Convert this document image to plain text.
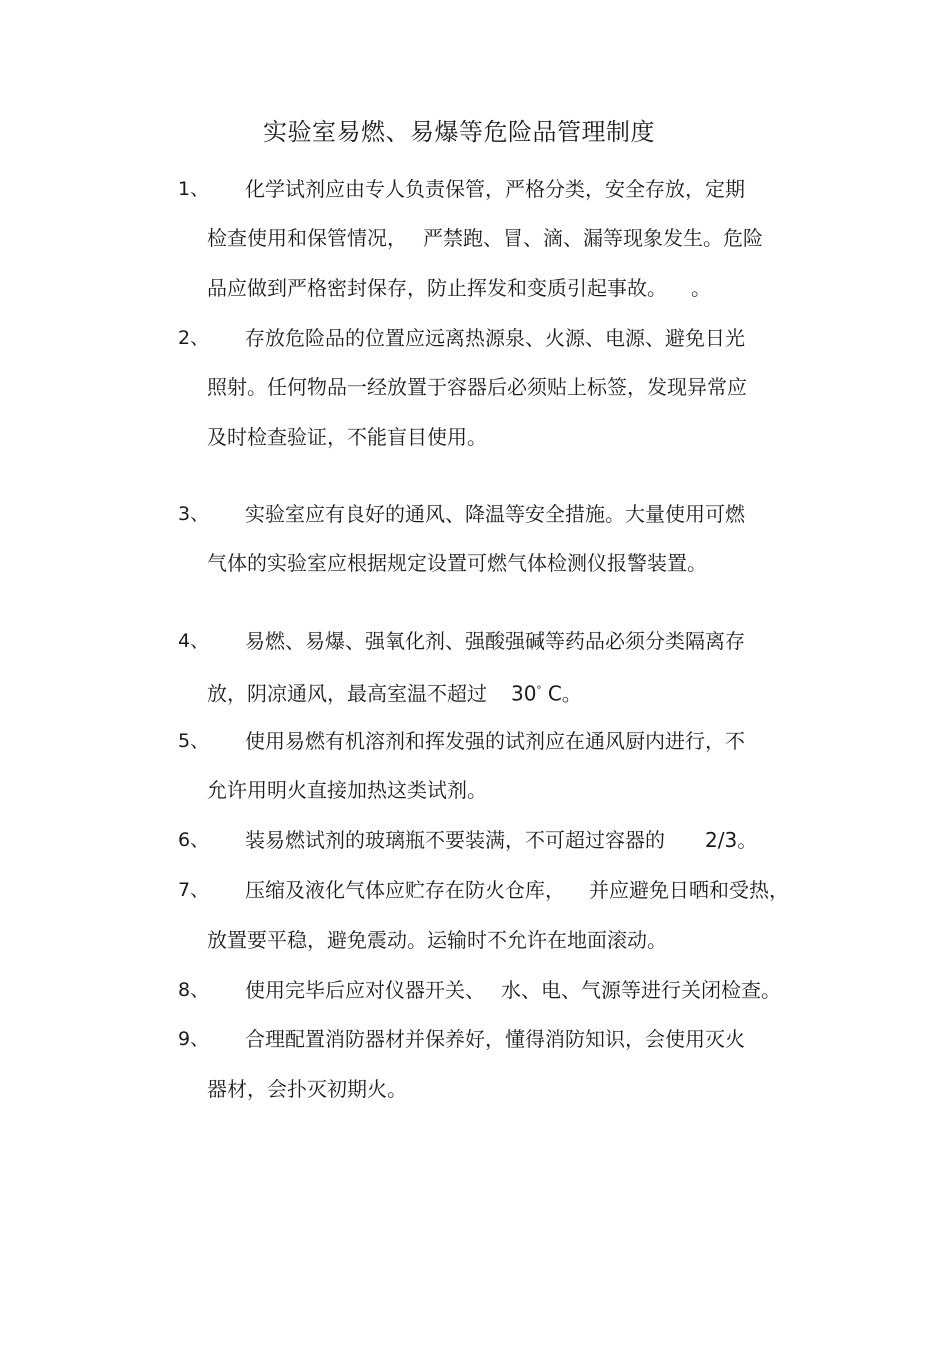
实验室易燃、易爆等危险品管理制度
1、 化学试剂应由专人负责保管，严格分类，安全存放，定期
检查使用和保管情况， 严禁跑、冒、滴、漏等现象发生。危险
品应做到严格密封保存，防止挥发和变质引起事故。 。
2、 存放危险品的位置应远离热源泉、火源、电源、避免日光
照射。任何物品一经放置于容器后必须贴上标签，发现异常应
及时检查验证，不能盲目使用。
3、 实验室应有良好的通风、降温等安全措施。大量使用可燃
气体的实验室应根据规定设置可燃气体检测仪报警装置。
4、 易燃、易爆、强氧化剂、强酸强碱等药品必须分类隔离存
放，阴凉通风，最高室温不超过 30° C。
5、 使用易燃有机溶剂和挥发强的试剂应在通风厨内进行，不
允许用明火直接加热这类试剂。
6、 装易燃试剂的玻璃瓶不要装满，不可超过容器的 2/3。
7、 压缩及液化气体应贮存在防火仓库， 并应避免日晒和受热，
放置要平稳，避免震动。运输时不允许在地面滚动。
8、 使用完毕后应对仪器开关、 水、电、气源等进行关闭检查。
9、 合理配置消防器材并保养好，懂得消防知识，会使用灭火
器材，会扑灭初期火。
